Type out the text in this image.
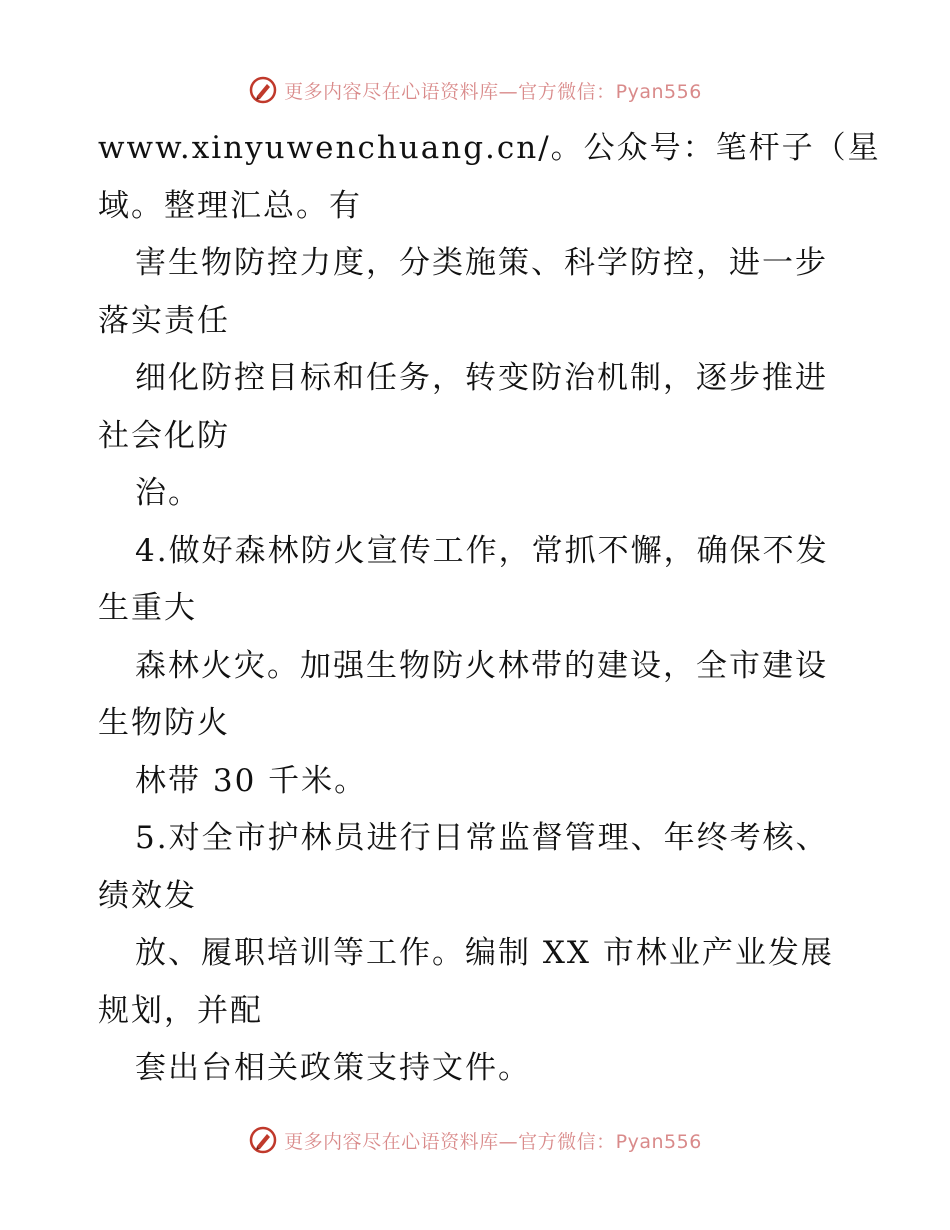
更多内容尽在心语资料库—官方微信：Pyan556
www.xinyuwenchuang.cn/。公众号：笔杆子（星
域。整理汇总。有
害生物防控力度，分类施策、科学防控，进一步
落实责任
细化防控目标和任务，转变防治机制，逐步推进
社会化防
治。
4.做好森林防火宣传工作，常抓不懈，确保不发
生重大
森林火灾。加强生物防火林带的建设，全市建设
生物防火
林带 30 千米。
5.对全市护林员进行日常监督管理、年终考核、
绩效发
放、履职培训等工作。编制 XX 市林业产业发展
规划，并配
套出台相关政策支持文件。
更多内容尽在心语资料库—官方微信：Pyan556
